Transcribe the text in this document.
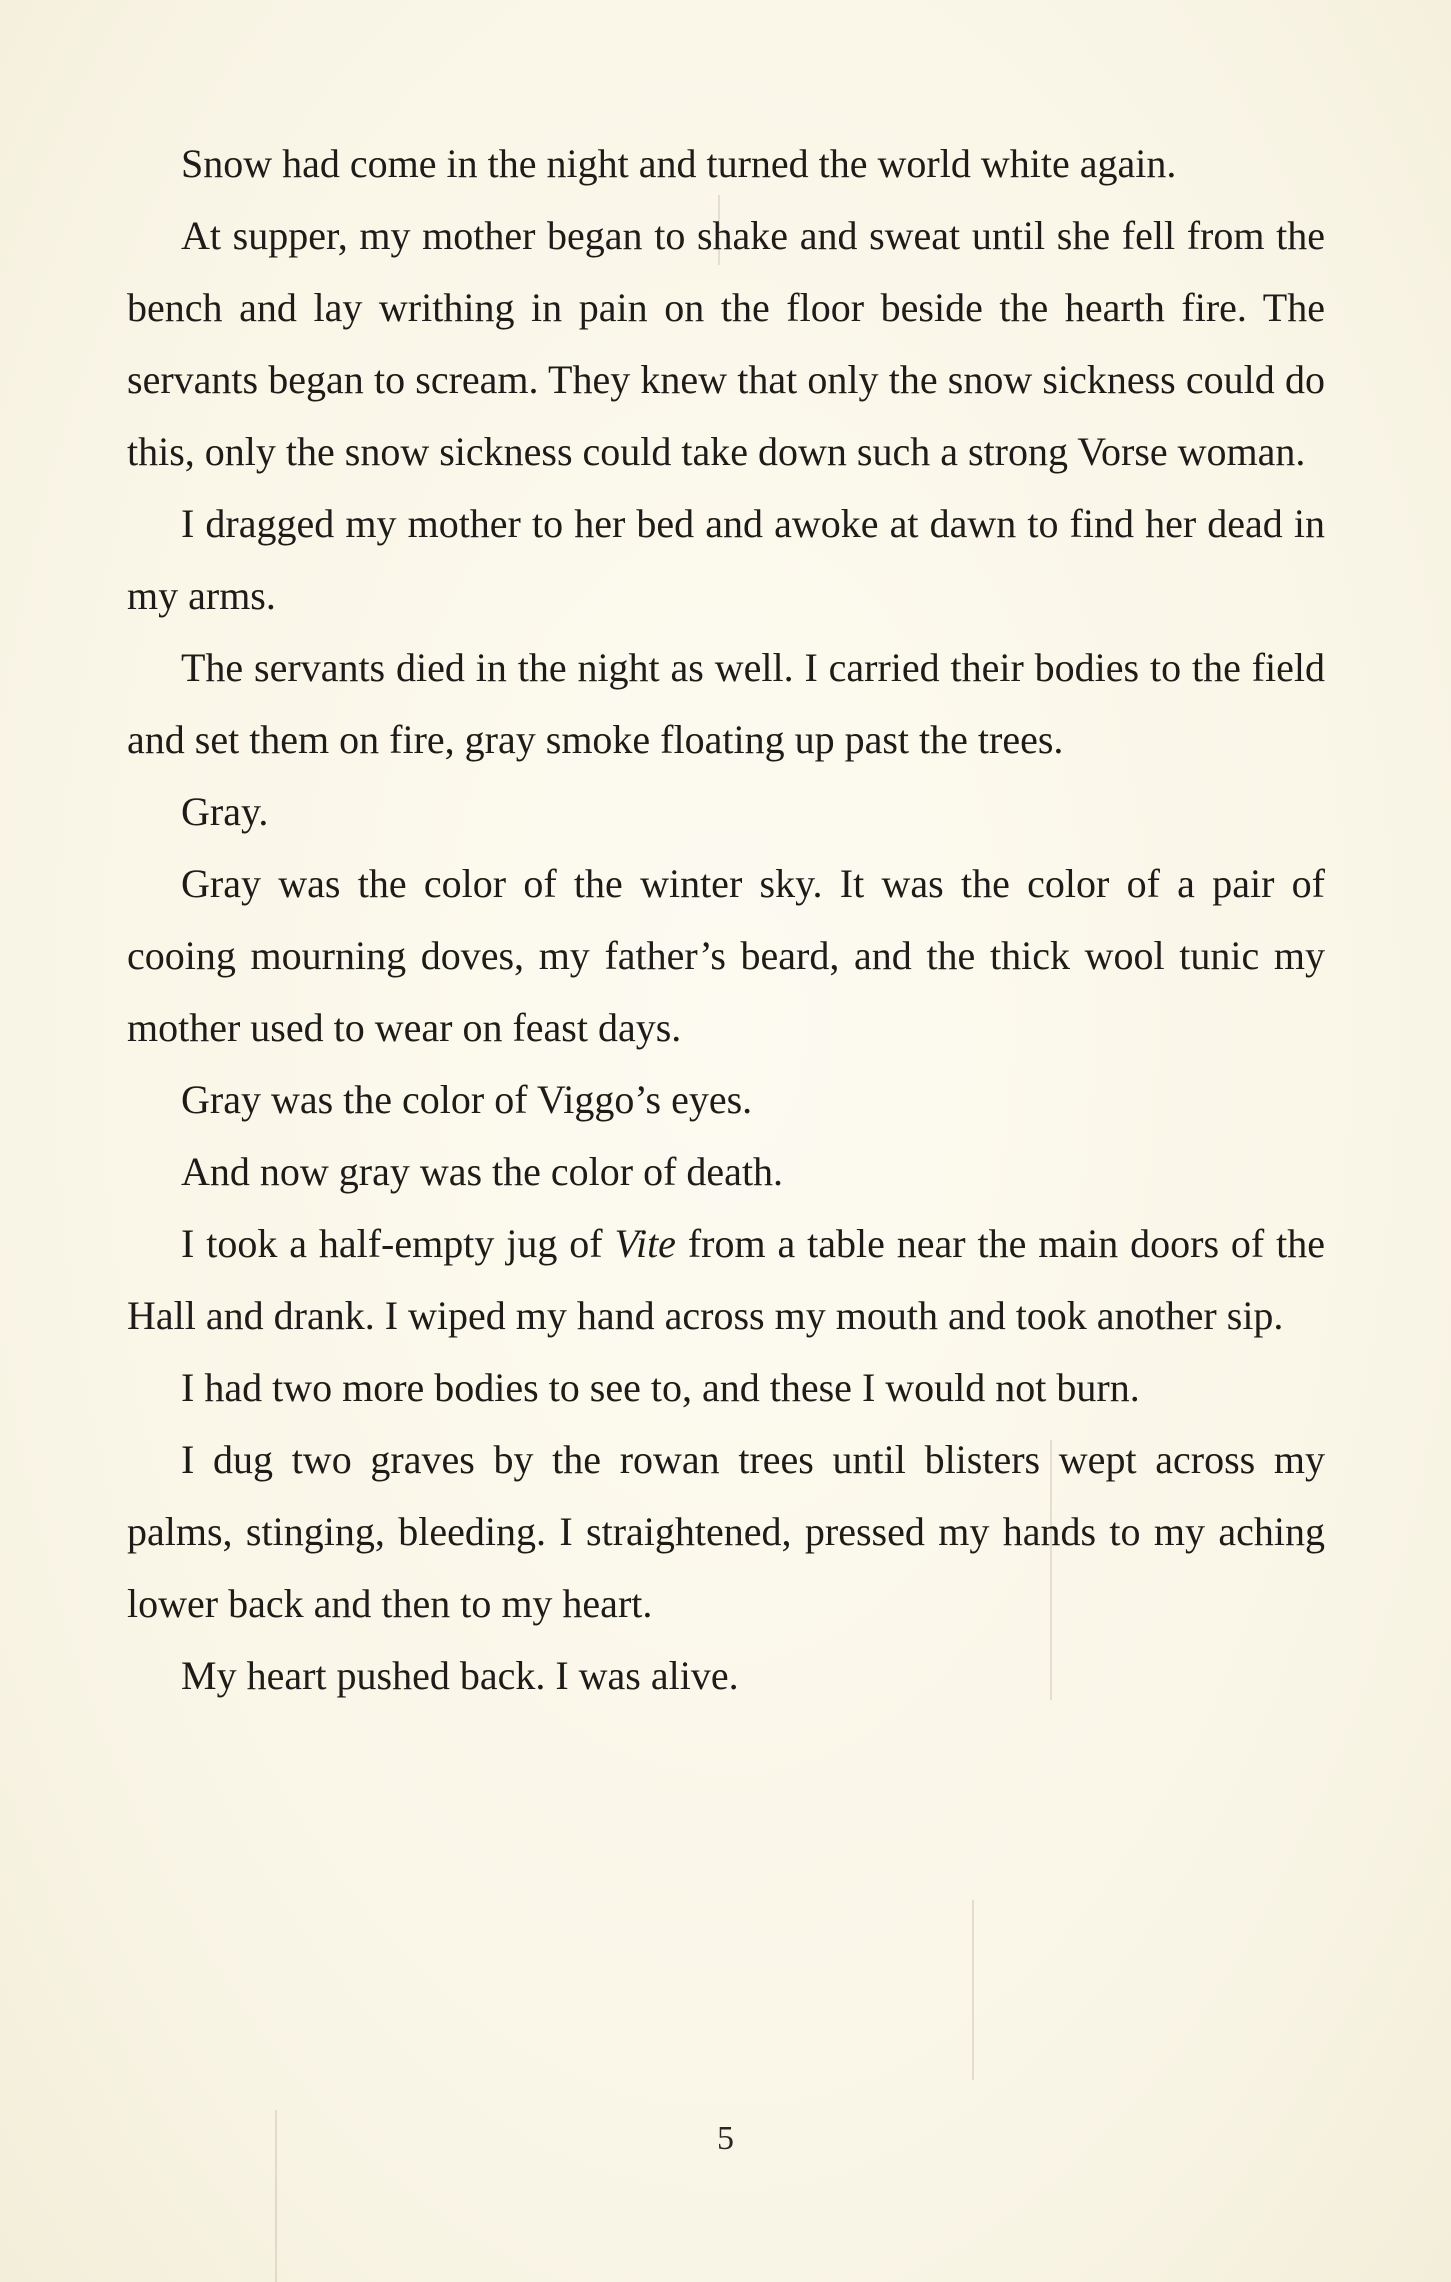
Snow had come in the night and turned the world white again.

At supper, my mother began to shake and sweat until she fell from the bench and lay writhing in pain on the floor beside the hearth fire. The servants began to scream. They knew that only the snow sickness could do this, only the snow sickness could take down such a strong Vorse woman.

I dragged my mother to her bed and awoke at dawn to find her dead in my arms.

The servants died in the night as well. I carried their bodies to the field and set them on fire, gray smoke floating up past the trees.

Gray.

Gray was the color of the winter sky. It was the color of a pair of cooing mourning doves, my father’s beard, and the thick wool tunic my mother used to wear on feast days.

Gray was the color of Viggo’s eyes.

And now gray was the color of death.

I took a half-empty jug of Vite from a table near the main doors of the Hall and drank. I wiped my hand across my mouth and took another sip.

I had two more bodies to see to, and these I would not burn.

I dug two graves by the rowan trees until blisters wept across my palms, stinging, bleeding. I straightened, pressed my hands to my aching lower back and then to my heart.

My heart pushed back. I was alive.

5
